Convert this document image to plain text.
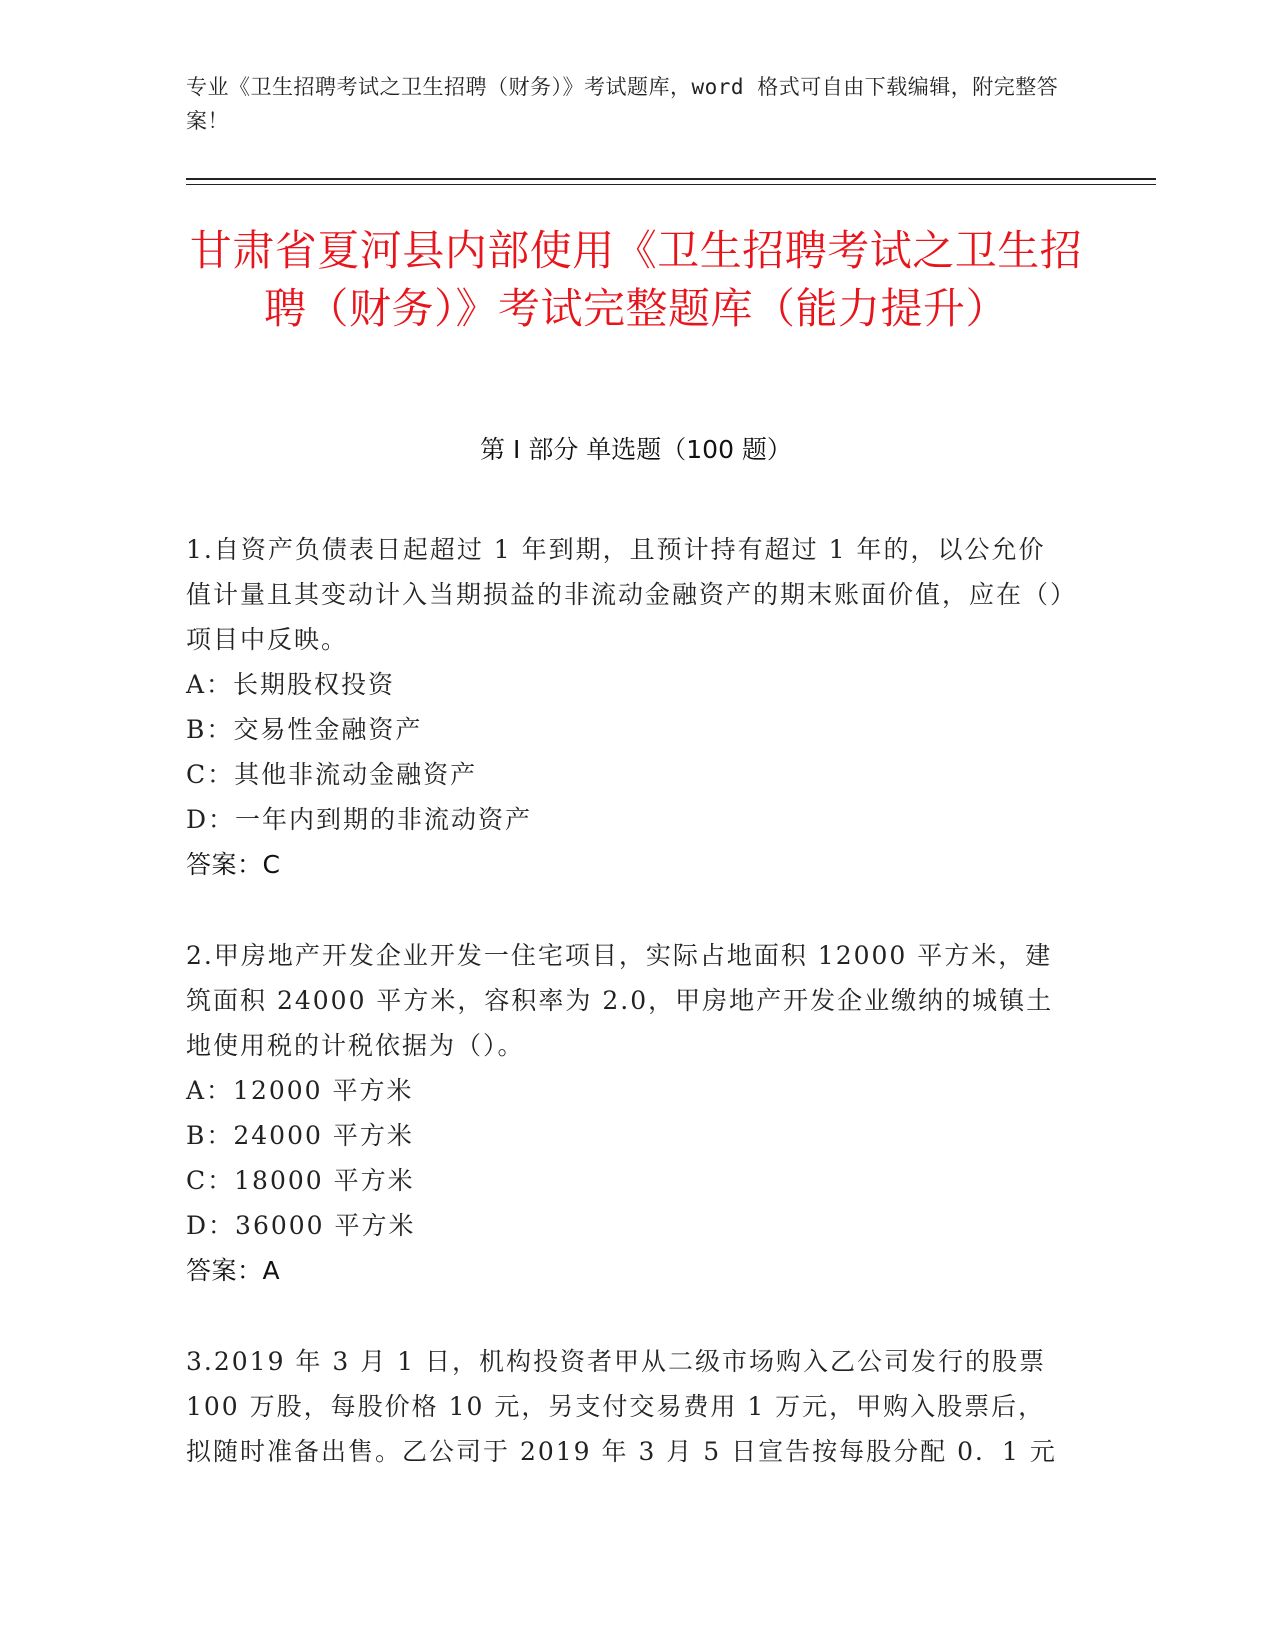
专业《卫生招聘考试之卫生招聘（财务）》考试题库，word 格式可自由下载编辑，附完整答案！
甘肃省夏河县内部使用《卫生招聘考试之卫生招聘（财务）》考试完整题库（能力提升）
第 I 部分 单选题（100 题）
1.自资产负债表日起超过 1 年到期，且预计持有超过 1 年的，以公允价值计量且其变动计入当期损益的非流动金融资产的期末账面价值，应在（）项目中反映。
A：长期股权投资
B：交易性金融资产
C：其他非流动金融资产
D：一年内到期的非流动资产
答案：C
2.甲房地产开发企业开发一住宅项目，实际占地面积 12000 平方米，建筑面积 24000 平方米，容积率为 2.0，甲房地产开发企业缴纳的城镇土地使用税的计税依据为（）。
A：12000 平方米
B：24000 平方米
C：18000 平方米
D：36000 平方米
答案：A
3.2019 年 3 月 1 日，机构投资者甲从二级市场购入乙公司发行的股票 100 万股，每股价格 10 元，另支付交易费用 1 万元，甲购入股票后，拟随时准备出售。乙公司于 2019 年 3 月 5 日宣告按每股分配 0．1 元
